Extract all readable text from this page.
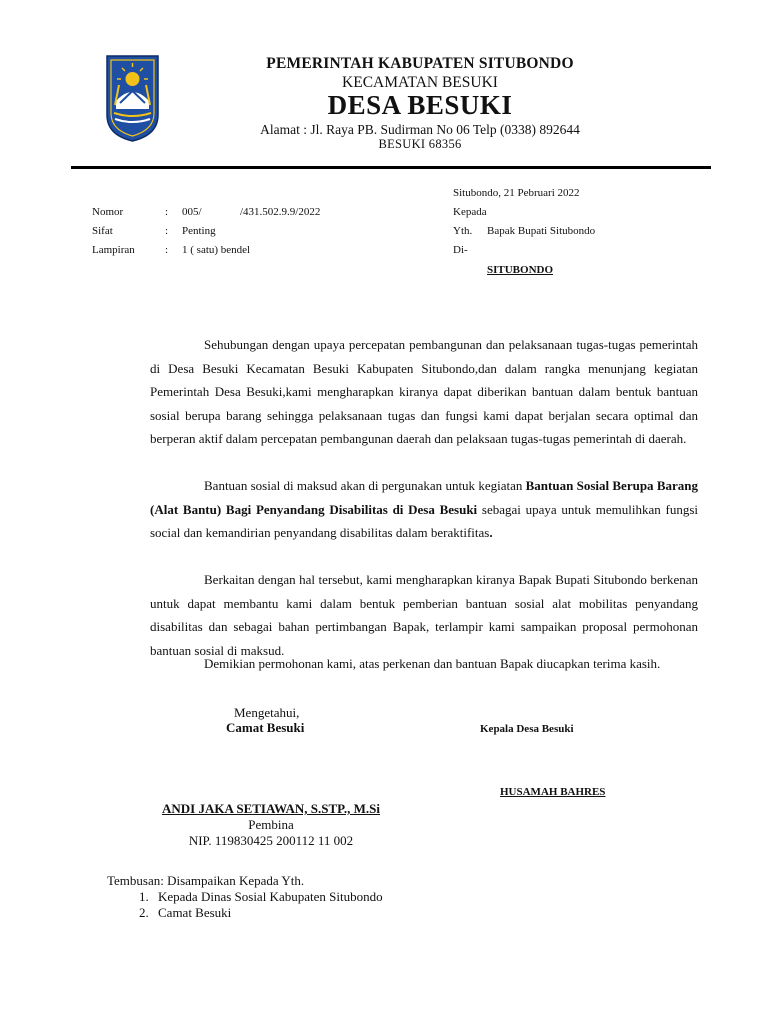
PEMERINTAH KABUPATEN SITUBONDO
KECAMATAN BESUKI
DESA BESUKI
Alamat : Jl. Raya PB. Sudirman No 06 Telp (0338) 892644
BESUKI 68356
Nomor	: 005/	/431.502.9.9/2022
Sifat	: Penting
Lampiran	: 1 ( satu) bendel
Situbondo, 21 Pebruari 2022
Kepada
Yth. Bapak Bupati Situbondo
Di-
SITUBONDO

Sehubungan dengan upaya percepatan pembangunan dan pelaksanaan tugas-tugas pemerintah di Desa Besuki Kecamatan Besuki Kabupaten Situbondo,dan dalam rangka menunjang kegiatan Pemerintah Desa Besuki,kami mengharapkan kiranya dapat diberikan bantuan dalam bentuk bantuan sosial berupa barang sehingga pelaksanaan tugas dan fungsi kami dapat berjalan secara optimal dan berperan aktif dalam percepatan pembangunan daerah dan pelaksaan tugas-tugas pemerintah di daerah.

Bantuan sosial di maksud akan di pergunakan untuk kegiatan Bantuan Sosial Berupa Barang (Alat Bantu) Bagi Penyandang Disabilitas di Desa Besuki sebagai upaya untuk memulihkan fungsi social dan kemandirian penyandang disabilitas dalam beraktifitas.

Berkaitan dengan hal tersebut, kami mengharapkan kiranya Bapak Bupati Situbondo berkenan untuk dapat membantu kami dalam bentuk pemberian bantuan sosial alat mobilitas penyandang disabilitas dan sebagai bahan pertimbangan Bapak, terlampir kami sampaikan proposal permohonan bantuan sosial di maksud.

Demikian permohonan kami, atas perkenan dan bantuan Bapak diucapkan terima kasih.

Mengetahui,
Camat Besuki	Kepala Desa Besuki
HUSAMAH BAHRES
ANDI JAKA SETIAWAN, S.STP., M.Si
Pembina
NIP. 119830425 200112 11 002
Tembusan: Disampaikan Kepada Yth.
1. Kepada Dinas Sosial Kabupaten Situbondo
2. Camat Besuki
